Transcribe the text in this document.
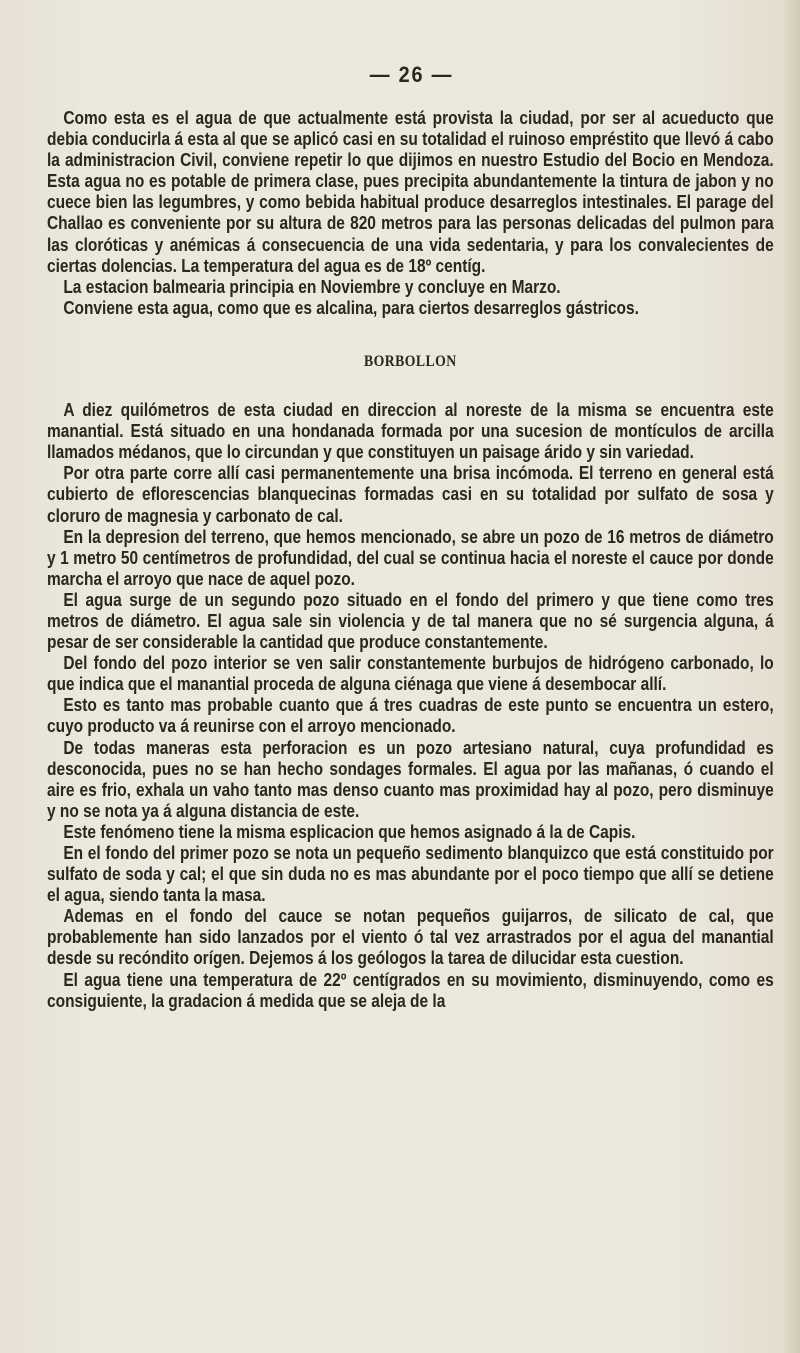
— 26 —

Como esta es el agua de que actualmente está provista la ciudad, por ser al acueducto que debia conducirla á esta al que se aplicó casi en su totalidad el ruinoso empréstito que llevó á cabo la administracion Civil, conviene repetir lo que dijimos en nuestro Estudio del Bocio en Mendoza. Esta agua no es potable de primera clase, pues precipita abundantemente la tintura de jabon y no cuece bien las legumbres, y como bebida habitual produce desarreglos intestinales. El parage del Challao es conveniente por su altura de 820 metros para las personas delicadas del pulmon para las cloróticas y anémicas á consecuencia de una vida sedentaria, y para los convalecientes de ciertas dolencias. La temperatura del agua es de 18º centíg.

La estacion balmearia principia en Noviembre y concluye en Marzo.

Conviene esta agua, como que es alcalina, para ciertos desarreglos gástricos.

BORBOLLON

A diez quilómetros de esta ciudad en direccion al noreste de la misma se encuentra este manantial. Está situado en una hondanada formada por una sucesion de montículos de arcilla llamados médanos, que lo circundan y que constituyen un paisage árido y sin variedad.

Por otra parte corre allí casi permanentemente una brisa incómoda. El terreno en general está cubierto de eflorescencias blanquecinas formadas casi en su totalidad por sulfato de sosa y cloruro de magnesia y carbonato de cal.

En la depresion del terreno, que hemos mencionado, se abre un pozo de 16 metros de diámetro y 1 metro 50 centímetros de profundidad, del cual se continua hacia el noreste el cauce por donde marcha el arroyo que nace de aquel pozo.

El agua surge de un segundo pozo situado en el fondo del primero y que tiene como tres metros de diámetro. El agua sale sin violencia y de tal manera que no sé surgencia alguna, á pesar de ser considerable la cantidad que produce constantemente.

Del fondo del pozo interior se ven salir constantemente burbujos de hidrógeno carbonado, lo que indica que el manantial proceda de alguna ciénaga que viene á desembocar allí.

Esto es tanto mas probable cuanto que á tres cuadras de este punto se encuentra un estero, cuyo producto va á reunirse con el arroyo mencionado.

De todas maneras esta perforacion es un pozo artesiano natural, cuya profundidad es desconocida, pues no se han hecho sondages formales. El agua por las mañanas, ó cuando el aire es frio, exhala un vaho tanto mas denso cuanto mas proximidad hay al pozo, pero disminuye y no se nota ya á alguna distancia de este.

Este fenómeno tiene la misma esplicacion que hemos asignado á la de Capis.

En el fondo del primer pozo se nota un pequeño sedimento blanquizco que está constituido por sulfato de soda y cal; el que sin duda no es mas abundante por el poco tiempo que allí se detiene el agua, siendo tanta la masa.

Ademas en el fondo del cauce se notan pequeños guijarros, de silicato de cal, que probablemente han sido lanzados por el viento ó tal vez arrastrados por el agua del manantial desde su recóndito orígen. Dejemos á los geólogos la tarea de dilucidar esta cuestion.

El agua tiene una temperatura de 22º centígrados en su movimiento, disminuyendo, como es consiguiente, la gradacion á medida que se aleja de la
